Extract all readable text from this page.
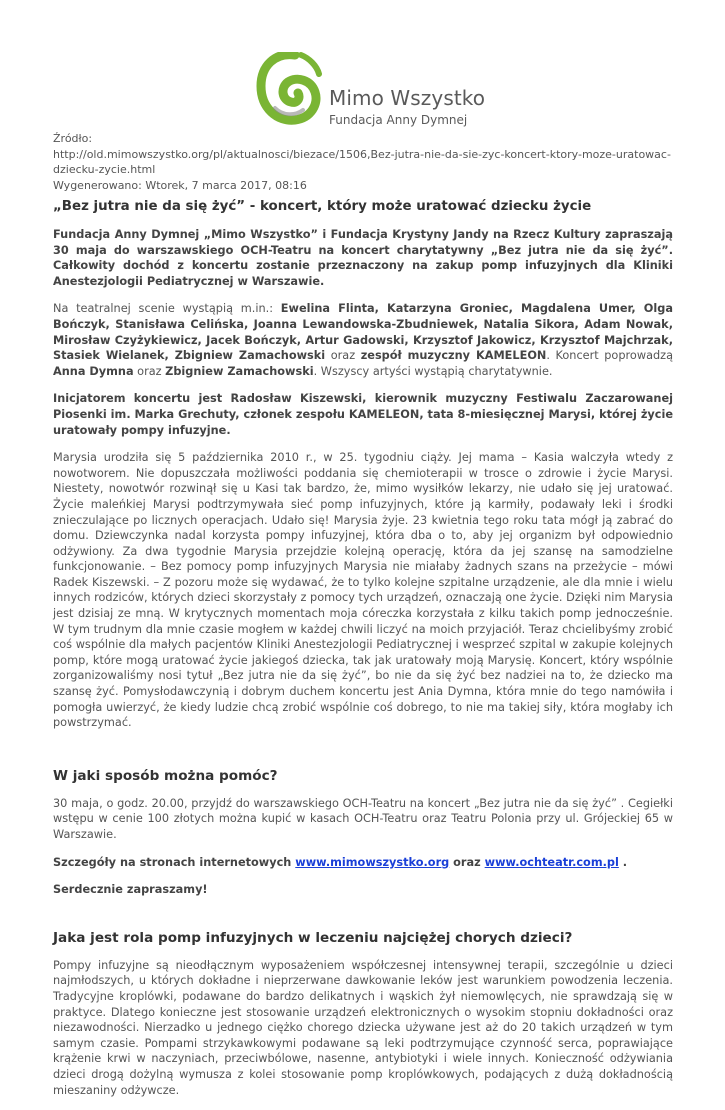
Mimo Wszystko
Fundacja Anny Dymnej
Źródło:
http://old.mimowszystko.org/pl/aktualnosci/biezace/1506,Bez-jutra-nie-da-sie-zyc-koncert-ktory-moze-uratowac-dziecku-zycie.html
Wygenerowano: Wtorek, 7 marca 2017, 08:16
„Bez jutra nie da się żyć” - koncert, który może uratować dziecku życie

Fundacja Anny Dymnej „Mimo Wszystko” i Fundacja Krystyny Jandy na Rzecz Kultury zapraszają 30 maja do warszawskiego OCH-Teatru na koncert charytatywny „Bez jutra nie da się żyć”. Całkowity dochód z koncertu zostanie przeznaczony na zakup pomp infuzyjnych dla Kliniki Anestezjologii Pediatrycznej w Warszawie.

Na teatralnej scenie wystąpią m.in.: Ewelina Flinta, Katarzyna Groniec, Magdalena Umer, Olga Bończyk, Stanisława Celińska, Joanna Lewandowska-Zbudniewek, Natalia Sikora, Adam Nowak, Mirosław Czyżykiewicz, Jacek Bończyk, Artur Gadowski, Krzysztof Jakowicz, Krzysztof Majchrzak, Stasiek Wielanek, Zbigniew Zamachowski oraz zespół muzyczny KAMELEON. Koncert poprowadzą Anna Dymna oraz Zbigniew Zamachowski. Wszyscy artyści wystąpią charytatywnie.

Inicjatorem koncertu jest Radosław Kiszewski, kierownik muzyczny Festiwalu Zaczarowanej Piosenki im. Marka Grechuty, członek zespołu KAMELEON, tata 8-miesięcznej Marysi, której życie uratowały pompy infuzyjne.

Marysia urodziła się 5 października 2010 r., w 25. tygodniu ciąży. Jej mama – Kasia walczyła wtedy z nowotworem. Nie dopuszczała możliwości poddania się chemioterapii w trosce o zdrowie i życie Marysi. Niestety, nowotwór rozwinął się u Kasi tak bardzo, że, mimo wysiłków lekarzy, nie udało się jej uratować. Życie maleńkiej Marysi podtrzymywała sieć pomp infuzyjnych, które ją karmiły, podawały leki i środki znieczulające po licznych operacjach. Udało się! Marysia żyje. 23 kwietnia tego roku tata mógł ją zabrać do domu. Dziewczynka nadal korzysta pompy infuzyjnej, która dba o to, aby jej organizm był odpowiednio odżywiony. Za dwa tygodnie Marysia przejdzie kolejną operację, która da jej szansę na samodzielne funkcjonowanie. – Bez pomocy pomp infuzyjnych Marysia nie miałaby żadnych szans na przeżycie – mówi Radek Kiszewski. – Z pozoru może się wydawać, że to tylko kolejne szpitalne urządzenie, ale dla mnie i wielu innych rodziców, których dzieci skorzystały z pomocy tych urządzeń, oznaczają one życie. Dzięki nim Marysia jest dzisiaj ze mną. W krytycznych momentach moja córeczka korzystała z kilku takich pomp jednocześnie. W tym trudnym dla mnie czasie mogłem w każdej chwili liczyć na moich przyjaciół. Teraz chcielibyśmy zrobić coś wspólnie dla małych pacjentów Kliniki Anestezjologii Pediatrycznej i wesprzeć szpital w zakupie kolejnych pomp, które mogą uratować życie jakiegoś dziecka, tak jak uratowały moją Marysię. Koncert, który wspólnie zorganizowaliśmy nosi tytuł „Bez jutra nie da się żyć”, bo nie da się żyć bez nadziei na to, że dziecko ma szansę żyć. Pomysłodawczynią i dobrym duchem koncertu jest Ania Dymna, która mnie do tego namówiła i pomogła uwierzyć, że kiedy ludzie chcą zrobić wspólnie coś dobrego, to nie ma takiej siły, która mogłaby ich powstrzymać.

W jaki sposób można pomóc?

30 maja, o godz. 20.00, przyjdź do warszawskiego OCH-Teatru na koncert „Bez jutra nie da się żyć” . Cegiełki wstępu w cenie 100 złotych można kupić w kasach OCH-Teatru oraz Teatru Polonia przy ul. Grójeckiej 65 w Warszawie.

Szczegóły na stronach internetowych www.mimowszystko.org oraz www.ochteatr.com.pl .

Serdecznie zapraszamy!

Jaka jest rola pomp infuzyjnych w leczeniu najciężej chorych dzieci?

Pompy infuzyjne są nieodłącznym wyposażeniem współczesnej intensywnej terapii, szczególnie u dzieci najmłodszych, u których dokładne i nieprzerwane dawkowanie leków jest warunkiem powodzenia leczenia. Tradycyjne kroplówki, podawane do bardzo delikatnych i wąskich żył niemowlęcych, nie sprawdzają się w praktyce. Dlatego konieczne jest stosowanie urządzeń elektronicznych o wysokim stopniu dokładności oraz niezawodności. Nierzadko u jednego ciężko chorego dziecka używane jest aż do 20 takich urządzeń w tym samym czasie. Pompami strzykawkowymi podawane są leki podtrzymujące czynność serca, poprawiające krążenie krwi w naczyniach, przeciwbólowe, nasenne, antybiotyki i wiele innych. Konieczność odżywiania dzieci drogą dożylną wymusza z kolei stosowanie pomp kroplówkowych, podających z dużą dokładnością mieszaniny odżywcze.
